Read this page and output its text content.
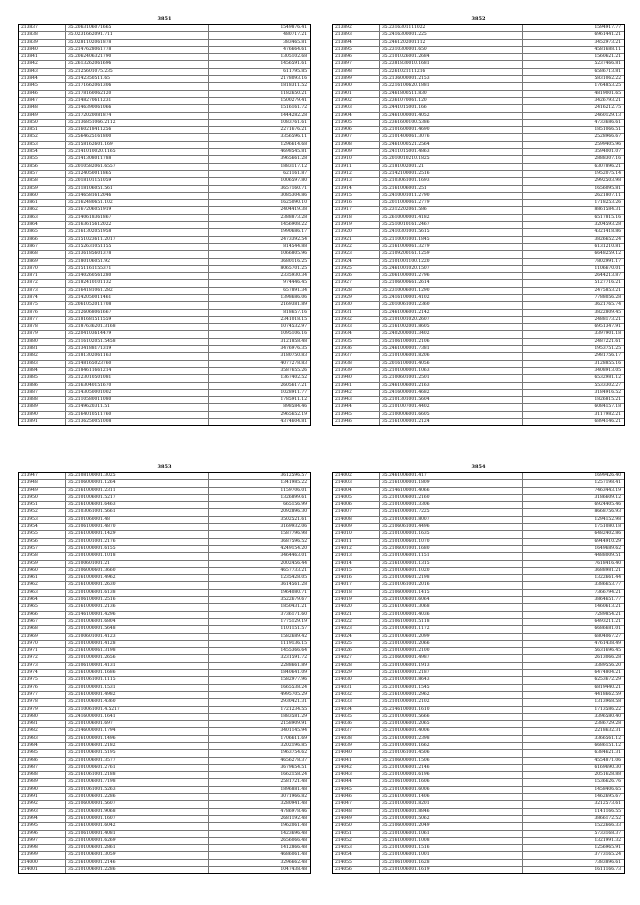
3851
213837	35.2063106071665	1549876.41
213838	35.0231662091.711	480717.21
213839	35.0281102061878	383465.81
213840	35.2147628061778	476664.61
213841	35.2062406321790	1305102.68
213842	35.2613262061696	1456591.61
213843	35.2125601075.235	611795.85
213844	35.2142350511.65	2178093.16
213845	35.2171662061306	1818311.52
213846	35.2178160062120	1182650.21
213847	35.2148270611231	1500279.41
213848	35.2146390061066	1516161.72
213849	35.2172020081874	1444282.28
213850	35.2136851066.2112	1083761.61
213851	35.2160218411256	2271676.21
213852	35.2564625161800	3356596.11
213853	35.2158162601.169	1296614.68
213854	35.2141010020.1165	4698545.81
213855	35.2141308011788	3965661.28
213856	35.2010582061.6557	1883117.12
213857	35.2124050011865	621161.87
213858	35.2018101151059	1006597.80
213859	35.2118106051.561	3657160.71
213860	35.2146581612046	3085304.86
213861	35.2162480651.102	1625090.10
213862	35.2167206051919	2404419.38
213863	35.2140618361867	2388873.28
213864	35.2163615612022	1456908.22
213865	35.2161302051958	1990686.17
213866	35.2151023611.2017	2473392.54
213867	35.2152631051155	814544.88
213868	35.2136185601378	1066805.96
213869	35.2180106051.92	3680116.25
213870	35.2151161155371	8065701.25
213871	35.2140260561280	2335930.34
213872	35.2182410101132	974446.45
213873	35.2164181061.282	657891.34
213874	35.2142050011461	1398686.06
213875	35.2061052011708	2169381.89
213876	35.2126068061667	818657.16
213877	35.2181681511559	2341018.15
213878	35.2187636201.3168	1074532.97
213879	35.2204103614479	1095106.16
213880	35.2116102051.5458	3121858.48
213881	35.2134188171319	3476976.35
213882	35.2181302061163	3180750.83
213883	35.2148165023760	4077278.83
213884	35.2184611661214	3587655.26
213885	35.2123010501081	1367402.52
213886	35.2163040151670	2605617.21
213887	35.2143050001002	1028911.77
213888	35.2110580011080	1785911.12
213889	35.2149620311.51	898584.46
213890	35.2164010511760	2965652.19
213891	35.2136250051008	4374604.81
3852
213892	35.2316301111022	1594917.77
213893	35.2416300001.225	6961441.21
213894	35.2461202001112	3452973.21
213895	35.2310300001.650	4581688.11
213896	35.2101026001.2684	1560621.21
213897	35.2381830010.1681	5237466.81
213898	35.2261021111216	6586713.81
213899	35.2136000001.2153	5831062.22
213900	35.2216100620.1881	1764853.25
213901	35.2461800511.830	4819001.65
213902	35.2361070061.120	3426793.21
213903	35.2441015001.166	2416212.75
213904	35.2461000001.4052	2460129.13
213905	35.2361600100.5386	4733686.61
213906	35.2101600001.4690	1851066.51
213907	35.2101400061.3076	2528966.67
213908	35.2461000521.2564	2599405.96
213909	35.2411015001.4863	3594001.07
213910	35.2010010210.1825	2888307.16
213911	35.2181002001.21	6307896.21
213912	35.2142100001.2516	1952075.14
213913	35.2103061001.1693	2992503.98
213914	35.2161006001.251	1656095.81
213915	35.2410001011.2790	2621807.11
213916	35.2011000061.2779	1718253.26
213917	35.2312202061.586	8861584.31
213918	35.2610000001.4182	6517815.16
213919	35.2510010161.2467	3204593.28
213920	35.2410301001.5615	4321418.86
213921	35.2110001001.1845	3826652.24
213922	35.2161000061.3279	6131210.81
213923	35.2109200161.1259	6648259.12
213924	35.2101001100.1220	7802991.17
213925	35.2461001020.1507	1106670.01
213926	35.2061000001.2796	2644213.87
213927	35.2106000661.2614	5127716.21
213928	35.2310006001.1290	2475853.21
213929	35.2416100001.4102	7788056.28
213930	35.2010061001.2360	3621765.74
213931	35.2461006001.2142	3822809.45
213932	35.2101001020.2607	2488173.21
213933	35.2161002001.8605	6951347.91
213934	35.2402000001.3402	3397901.18
213935	35.2106100001.2106	2487221.61
213936	35.2461000001.7381	1953751.25
213937	35.2101006001.8206	2981756.17
213938	35.2016100001.4056	3128855.16
213939	35.2101000001.1063	3408913.05
213940	35.2100601001.2501	6532981.12
213941	35.2461006001.2163	5533302.27
213942	35.2416000001.4682	3184916.52
213943	35.2101301001.5604	1826815.21
213944	35.2101007001.4402	6084157.18
213945	35.2100006001.6605	3117982.21
213946	35.2161000001.2124	6894146.21
3853
213947	35.2108100001.3025	3612596.57
213948	35.2106000001.1264	1341985.22
213949	35.2161000001.2311	1159706.01
213950	35.2101006001.5217	1326899.61
213951	35.2161006001.6463	665156.99
213952	35.2103061001.5661	2092896.30
213953	35.2101060001.48	3502521.61
213954	35.2106100001.4870	3169932.06
213955	35.2161000001.1429	1587796.98
213956	35.2101001001.2176	3687596.52
213957	35.2161000001.6155	4249154.20
213958	35.2101000001.1018	3464463.01
213959	35.2100601001.21	2002456.44
213960	35.2106000601.3660	4657733.21
213961	35.2161000001.4962	1235428.05
213962	35.2161000001.2630	3614561.28
213963	35.2101006001.6138	1964080.71
213964	35.2106100001.2516	3522679.67
213965	35.2161000001.2136	1850431.21
213966	35.2146100001.4296	3736171.60
213967	35.2101006001.6804	1775129.19
213968	35.2101000001.5648	1101151.57
213969	35.2100601001.4123	1582689.42
213970	35.2101000001.4128	1119136.15
213971	35.2161000061.3198	1455366.64
213972	35.2101000001.2656	3231591.72
213973	35.2106100001.4131	2288661.89
213974	35.2161006001.1686	1840641.09
213975	35.2101061001.1115	1582977.96
213976	35.2101000001.1531	1665538.24
213977	35.2161000001.4982	4995705.29
213978	35.2101006001.4360	2930421.31
213979	35.2110061001.4.5217	1721234.55
213980	35.2416000001.1641	1883581.29
213981	35.2101006001.697	2158909.91
213982	35.2146000001.1794	3401145.94
213983	35.2161000001.1496	1706611.69
213984	35.2101006001.2182	3202196.85
213985	35.2101006001.5195	1963754.62
213986	35.2101006001.3577	4656278.37
213987	35.2101000601.2761	3679654.51
213988	35.2161061001.2188	1662158.24
213989	35.2101006001.7198	2581721.48
213990	35.2101061001.5263	1896881.48
213991	35.2101006001.2286	3071966.82
213992	35.2106000001.5607	3280941.48
213993	35.2101006001.9068	4786978.46
213994	35.2161000001.1607	2681192.48
213995	35.2161000001.6042	1962061.48
213996	35.2106100001.4081	1423696.48
213997	35.2101000001.6269	2656066.48
213998	35.2101006001.2861	1412866.48
213999	35.2101006001.3059	4686061.48
214000	35.2161000001.2146	3296662.48
214001	35.2101006001.2286	1047438.48
3854
214002	35.2461006001.417	1699426.40
214003	35.2161000001.1809	1257198.41
214004	35.2146100001.4066	7463443.19
214005	35.2101006001.2160	3186609.12
214006	35.2101000001.3306	6924405.46
214007	35.2161000001.7225	8668756.93
214008	35.2101006001.8007	1294152.98
214009	35.2106061001.4496	1751080.18
214010	35.2101000001.1635	6482402.86
214011	35.2101000601.1070	6944910.29
214012	35.2106001001.1680	1649689.62
214013	35.2101006001.1151	4488009.51
214014	35.2161000001.1315	7618416.40
214015	35.2101006001.1020	3688981.21
214016	35.2101000601.2198	1322661.44
214017	35.2101061001.2016	3386653.77
214018	35.2106000001.1415	7366794.21
214019	35.2101006001.6064	3864651.77
214020	35.2161006001.3068	1460613.21
214021	35.2101000001.4036	7289854.21
214022	35.2106100001.5118	6493211.21
214023	35.2101006001.1172	6686681.01
214024	35.2101006001.2099	6804067.27
214025	35.2101000001.2066	4761438.49
214026	35.2101000001.2100	5631696.45
214027	35.2106000001.4987	2613066.28
214028	35.2101006001.1913	3389556.20
214029	35.2161000001.2187	6474804.21
214030	35.2101000001.8643	6253672.29
214031	35.2101006001.1545	6819440.21
214032	35.2161000001.2962	4418662.59
214033	35.2101000001.2102	1313968.58
214034	35.2146100001.1610	1713586.22
214035	35.2101000001.5666	3396580.40
214036	35.2101006001.2065	2386729.28
214037	35.2101006001.4006	2218632.31
214038	35.2161000001.2398	3366561.12
214039	35.2101000001.1662	6686151.12
214040	35.2101061001.4506	6384621.31
214041	35.2106000001.1506	4554871.06
214042	35.2101006001.2146	6169690.30
214043	35.2101000001.6196	2051628.88
214044	35.2106100001.1606	1536626.76
214045	35.2101006001.6006	1458406.65
214046	35.2161000001.1406	1462695.67
214047	35.2101000001.8201	3212573.61
214048	35.2101006001.8846	1141166.55
214049	35.2101000001.5062	3866172.52
214050	35.2106000001.2049	1522666.33
214051	35.2101006001.1061	5733168.37
214052	35.2161000001.1008	1321991.32
214053	35.2101000001.1516	1256965.91
214054	35.2101006001.1001	3773165.24
214055	35.2106100001.1628	7383896.61
214056	35.2101006001.1619	1611166.73
